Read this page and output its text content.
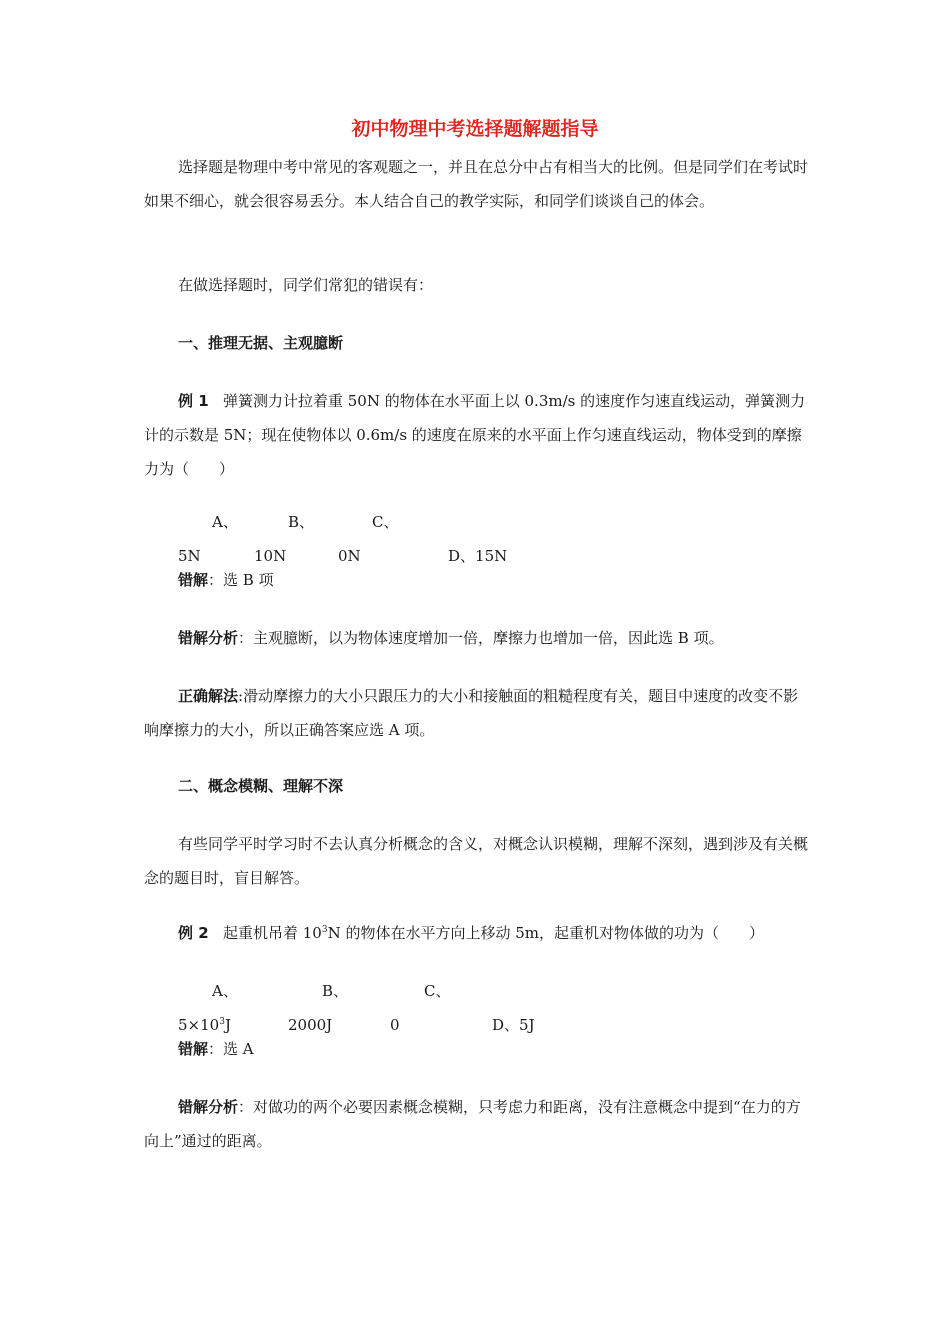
初中物理中考选择题解题指导

选择题是物理中考中常见的客观题之一，并且在总分中占有相当大的比例。但是同学们在考试时如果不细心，就会很容易丢分。本人结合自己的教学实际，和同学们谈谈自己的体会。

在做选择题时，同学们常犯的错误有：

一、推理无据、主观臆断

例 1 弹簧测力计拉着重 50N 的物体在水平面上以 0.3m/s 的速度作匀速直线运动，弹簧测力计的示数是 5N；现在使物体以 0.6m/s 的速度在原来的水平面上作匀速直线运动，物体受到的摩擦力为（　　）

A、5NB、10NC、0N	D、15N

错解：选 B 项

错解分析：主观臆断，以为物体速度增加一倍，摩擦力也增加一倍，因此选 B 项。

正确解法:滑动摩擦力的大小只跟压力的大小和接触面的粗糙程度有关，题目中速度的改变不影响摩擦力的大小，所以正确答案应选 A 项。

二、概念模糊、理解不深

有些同学平时学习时不去认真分析概念的含义，对概念认识模糊，理解不深刻，遇到涉及有关概念的题目时，盲目解答。

例 2 起重机吊着 $10^3N$ 的物体在水平方向上移动 5m，起重机对物体做的功为（　　）

A、$5\times 10^3JB$、2000JC、0	D、5J

错解：选 A

错解分析：对做功的两个必要因素概念模糊，只考虑力和距离，没有注意概念中提到“在力的方向上”通过的距离。
